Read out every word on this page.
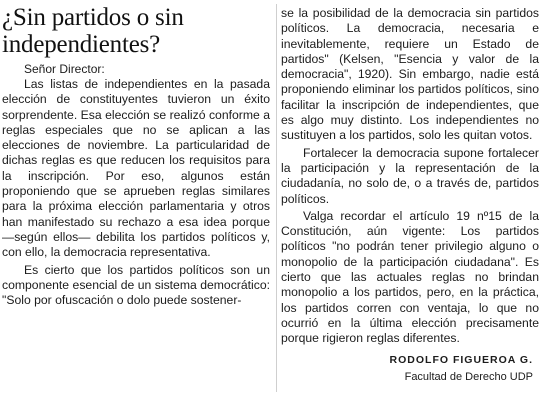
¿Sin partidos o sin independientes?
Señor Director:

Las listas de independientes en la pasada elección de constituyentes tuvieron un éxito sorprendente. Esa elección se realizó conforme a reglas especiales que no se aplican a las elecciones de noviembre. La particularidad de dichas reglas es que reducen los requisitos para la inscripción. Por eso, algunos están proponiendo que se aprueben reglas similares para la próxima elección parlamentaria y otros han manifestado su rechazo a esa idea porque —según ellos— debilita los partidos políticos y, con ello, la democracia representativa.

Es cierto que los partidos políticos son un componente esencial de un sistema democrático: "Solo por ofuscación o dolo puede sostener-

se la posibilidad de la democracia sin partidos políticos. La democracia, necesaria e inevitablemente, requiere un Estado de partidos" (Kelsen, "Esencia y valor de la democracia", 1920). Sin embargo, nadie está proponiendo eliminar los partidos políticos, sino facilitar la inscripción de independientes, que es algo muy distinto. Los independientes no sustituyen a los partidos, solo les quitan votos.

Fortalecer la democracia supone fortalecer la participación y la representación de la ciudadanía, no solo de, o a través de, partidos políticos.

Valga recordar el artículo 19 nº15 de la Constitución, aún vigente: Los partidos políticos "no podrán tener privilegio alguno o monopolio de la participación ciudadana". Es cierto que las actuales reglas no brindan monopolio a los partidos, pero, en la práctica, los partidos corren con ventaja, lo que no ocurrió en la última elección precisamente porque rigieron reglas diferentes.

RODOLFO FIGUEROA G.
Facultad de Derecho UDP
